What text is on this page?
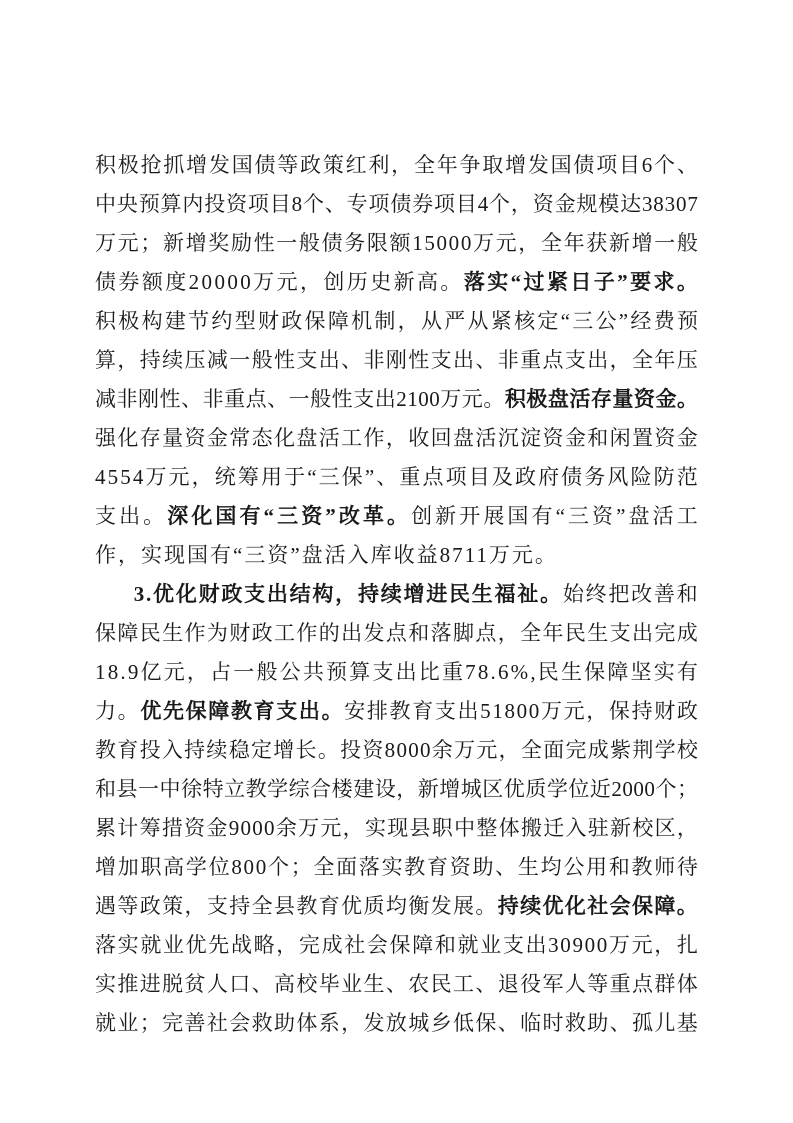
积 极 抢 抓 增 发 国 债 等 政 策 红 利 ， 全 年 争 取 增 发 国 债 项 目 6 个 、
中 央 预 算 内 投 资 项 目 8 个 、 专 项 债 券 项 目 4 个 ， 资 金 规 模 达 3 8 3 0 7
万 元 ； 新 增 奖 励 性 一 般 债 务 限 额 1 5 0 0 0 万 元 ， 全 年 获 新 增 一 般
债 券 额 度 2 0 0 0 0 万 元 ， 创 历 史 新 高 。 落 实 “ 过 紧 日 子 ” 要 求 。
积 极 构 建 节 约 型 财 政 保 障 机 制 ， 从 严 从 紧 核 定 “ 三 公 ” 经 费 预
算 ， 持 续 压 减 一 般 性 支 出 、 非 刚 性 支 出 、 非 重 点 支 出 ， 全 年 压
减 非 刚 性 、 非 重 点 、 一 般 性 支 出 2 1 0 0 万 元 。 积 极 盘 活 存 量 资 金 。
强 化 存 量 资 金 常 态 化 盘 活 工 作 ， 收 回 盘 活 沉 淀 资 金 和 闲 置 资 金
4 5 5 4 万 元 ， 统 筹 用 于 “ 三 保 ” 、 重 点 项 目 及 政 府 债 务 风 险 防 范
支 出 。 深 化 国 有 “ 三 资 ” 改 革 。 创 新 开 展 国 有 “ 三 资 ” 盘 活 工
作，实现国有“三资”盘活入库收益8711万元。
3 . 优 化 财 政 支 出 结 构 ， 持 续 增 进 民 生 福 祉 。 始 终 把 改 善 和
保 障 民 生 作 为 财 政 工 作 的 出 发 点 和 落 脚 点 ， 全 年 民 生 支 出 完 成
1 8 . 9 亿 元 ， 占 一 般 公 共 预 算 支 出 比 重 7 8 . 6 % , 民 生 保 障 坚 实 有
力 。 优 先 保 障 教 育 支 出 。 安 排 教 育 支 出 5 1 8 0 0 万 元 ， 保 持 财 政
教 育 投 入 持 续 稳 定 增 长 。 投 资 8 0 0 0 余 万 元 ， 全 面 完 成 紫 荆 学 校
和 县 一 中 徐 特 立 教 学 综 合 楼 建 设 ， 新 增 城 区 优 质 学 位 近 2 0 0 0 个 ；
累 计 筹 措 资 金 9 0 0 0 余 万 元 ， 实 现 县 职 中 整 体 搬 迁 入 驻 新 校 区 ，
增 加 职 高 学 位 8 0 0 个 ； 全 面 落 实 教 育 资 助 、 生 均 公 用 和 教 师 待
遇 等 政 策 ， 支 持 全 县 教 育 优 质 均 衡 发 展 。 持 续 优 化 社 会 保 障 。
落 实 就 业 优 先 战 略 ， 完 成 社 会 保 障 和 就 业 支 出 3 0 9 0 0 万 元 ， 扎
实 推 进 脱 贫 人 口 、 高 校 毕 业 生 、 农 民 工 、 退 役 军 人 等 重 点 群 体
就 业 ； 完 善 社 会 救 助 体 系 ， 发 放 城 乡 低 保 、 临 时 救 助 、 孤 儿 基
